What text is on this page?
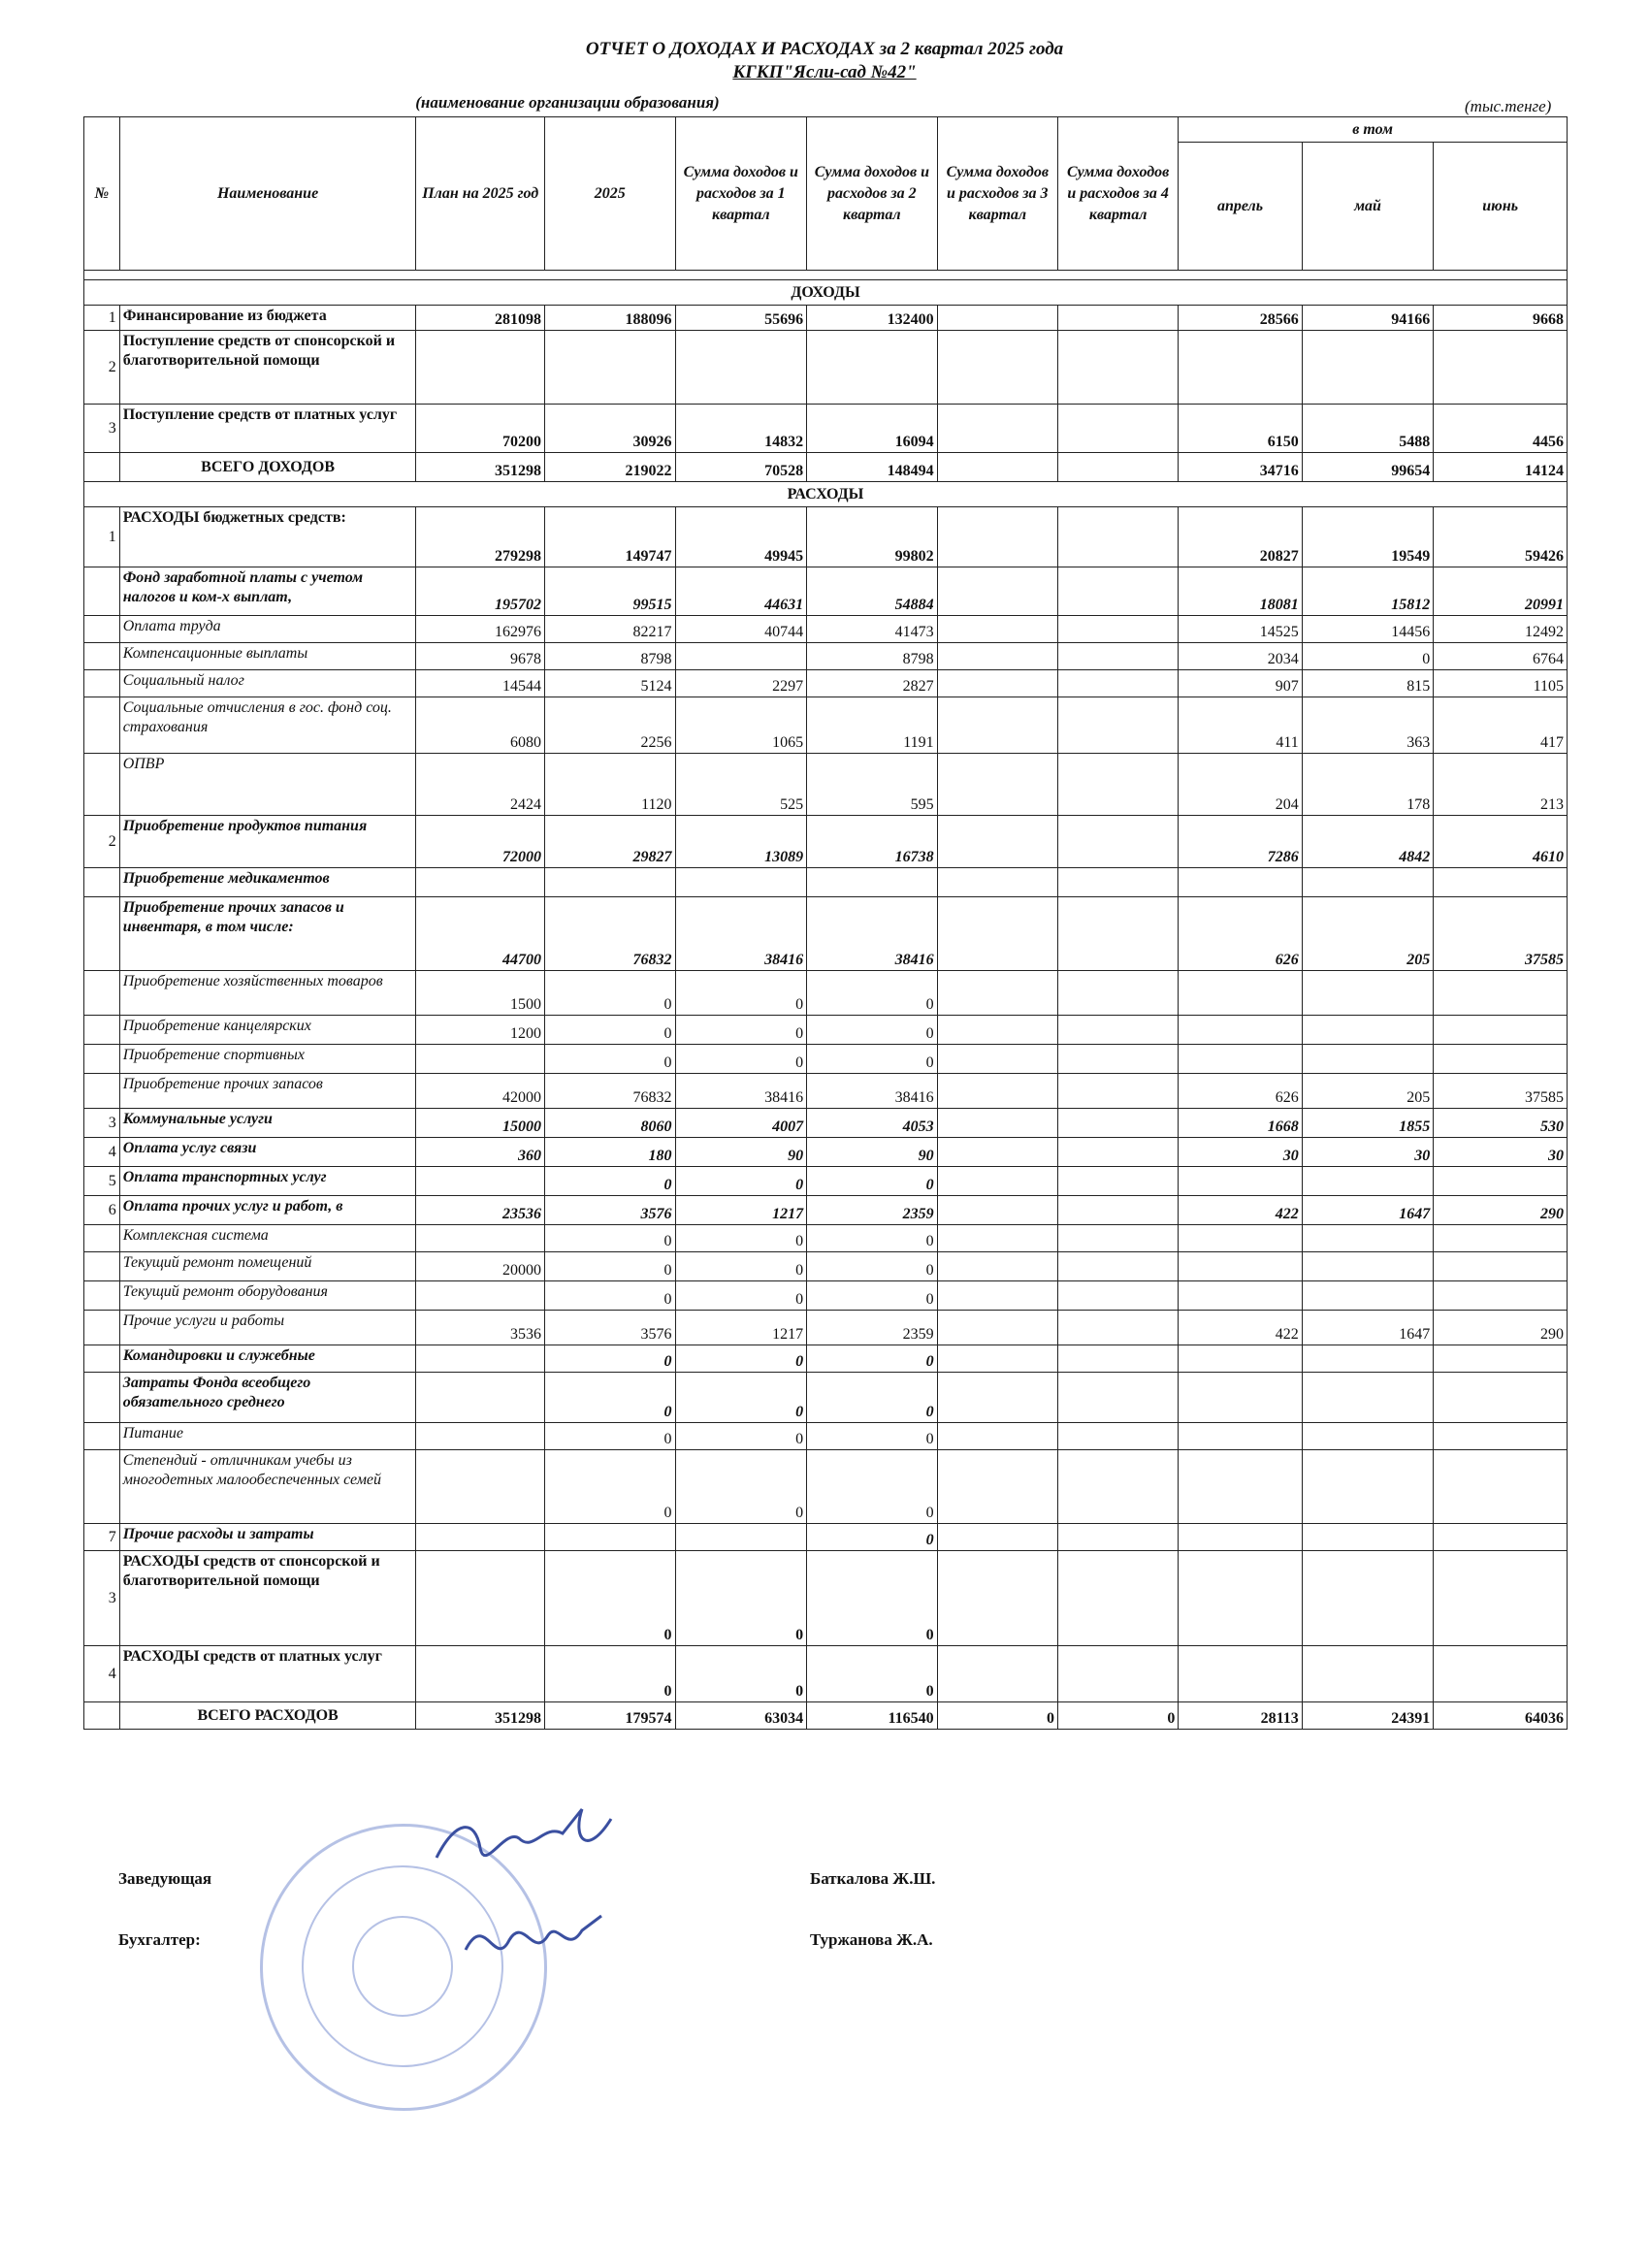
ОТЧЕТ О ДОХОДАХ И РАСХОДАХ за 2 квартал 2025 года
КГКП"Ясли-сад №42"
(наименование организации образования)	(тыс.тенге)
№	Наименование	План на 2025 год	2025	Сумма доходов и расходов за 1 квартал	Сумма доходов и расходов за 2 квартал	Сумма доходов и расходов за 3 квартал	Сумма доходов и расходов за 4 квартал	в том		
								апрель	май	июнь

ДОХОДЫ										
1	Финансирование из бюджета	281098	188096	55696	132400			28566	94166	9668
2	Поступление средств от спонсорской и благотворительной помощи									
3	Поступление средств от платных услуг	70200	30926	14832	16094			6150	5488	4456
	ВСЕГО ДОХОДОВ	351298	219022	70528	148494			34716	99654	14124
РАСХОДЫ										
1	РАСХОДЫ бюджетных средств:	279298	149747	49945	99802			20827	19549	59426
	Фонд заработной платы с учетом налогов и ком-х выплат,	195702	99515	44631	54884			18081	15812	20991
	Оплата труда	162976	82217	40744	41473			14525	14456	12492
	Компенсационные выплаты	9678	8798		8798			2034	0	6764
	Социальный налог	14544	5124	2297	2827			907	815	1105
	Социальные отчисления в гос. фонд соц. страхования	6080	2256	1065	1191			411	363	417
	ОПВР	2424	1120	525	595			204	178	213
2	Приобретение продуктов питания	72000	29827	13089	16738			7286	4842	4610
	Приобретение медикаментов									
	Приобретение прочих запасов и инвентаря, в том числе:	44700	76832	38416	38416			626	205	37585
	Приобретение хозяйственных товаров	1500	0	0	0					
	Приобретение канцелярских	1200	0	0	0					
	Приобретение спортивных		0	0	0					
	Приобретение прочих запасов	42000	76832	38416	38416			626	205	37585
3	Коммунальные услуги	15000	8060	4007	4053			1668	1855	530
4	Оплата услуг связи	360	180	90	90			30	30	30
5	Оплата транспортных услуг		0	0	0					
6	Оплата прочих услуг и работ, в	23536	3576	1217	2359			422	1647	290
	Комплексная система		0	0	0					
	Текущий ремонт помещений	20000	0	0	0					
	Текущий ремонт оборудования		0	0	0					
	Прочие услуги и работы	3536	3576	1217	2359			422	1647	290
	Командировки и служебные		0	0	0					
	Затраты Фонда всеобщего обязательного среднего		0	0	0					
	Питание		0	0	0					
	Степендий - отличникам учебы из многодетных малообеспеченных семей		0	0	0					
7	Прочие расходы и затраты				0					
3	РАСХОДЫ средств от спонсорской и благотворительной помощи		0	0	0					
4	РАСХОДЫ средств от платных услуг		0	0	0					
	ВСЕГО РАСХОДОВ	351298	179574	63034	116540	0	0	28113	24391	64036
Заведующая	Баткалова Ж.Ш.
Бухгалтер:	Туржанова Ж.А.
